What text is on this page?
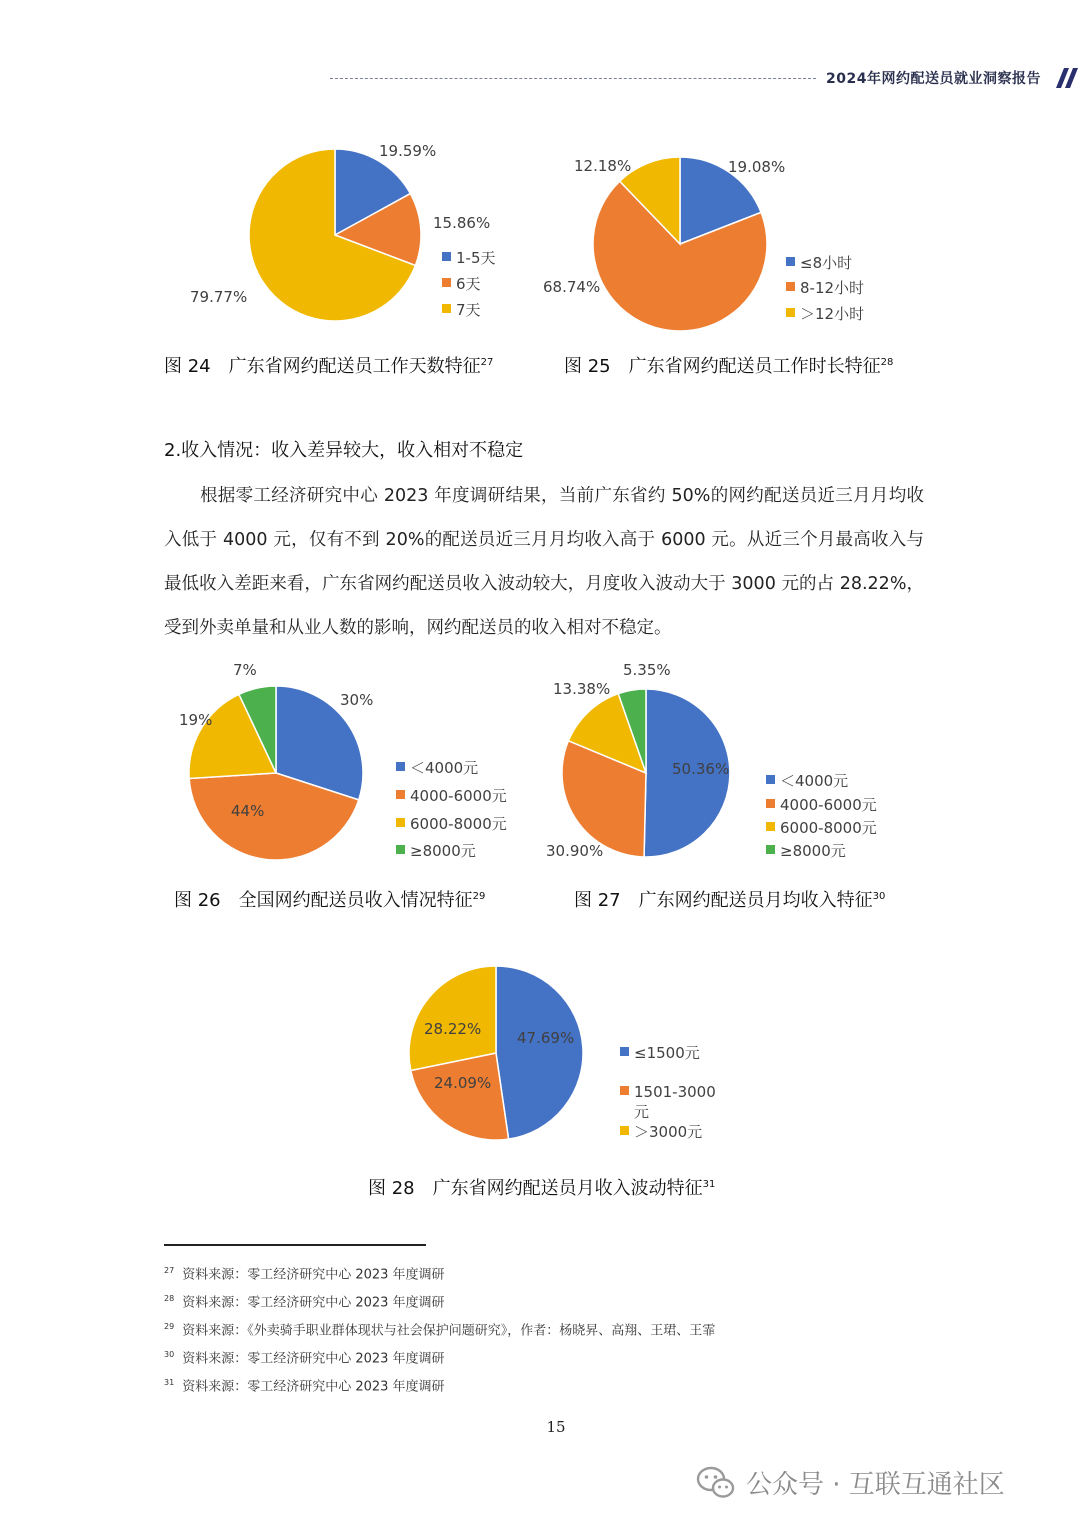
2024年网约配送员就业洞察报告
19.59%
15.86%
79.77%
1-5天
6天
7天
19.08%
68.74%
12.18%
≤8小时
8-12小时
＞12小时
图 24 广东省网约配送员工作天数特征$^{27}$	图 25 广东省网约配送员工作时长特征$^{28}$
2.收入情况：收入差异较大，收入相对不稳定

根据零工经济研究中心 2023 年度调研结果，当前广东省约 50%的网约配送员近三月月均收入低于 4000 元，仅有不到 20%的配送员近三月月均收入高于 6000 元。从近三个月最高收入与最低收入差距来看，广东省网约配送员收入波动较大，月度收入波动大于 3000 元的占 28.22%，受到外卖单量和从业人数的影响，网约配送员的收入相对不稳定。

30%
44%
19%
7%
＜4000元
4000-6000元
6000-8000元
≥8000元
50.36%
30.90%
13.38%
5.35%
＜4000元
4000-6000元
6000-8000元
≥8000元
图 26 全国网约配送员收入情况特征$^{29}$	图 27 广东网约配送员月均收入特征$^{30}$
47.69%
24.09%
28.22%
≤1500元
1501-3000 元
＞3000元
图 28 广东省网约配送员月收入波动特征$^{31}$
$^{27}$ 资料来源：零工经济研究中心 2023 年度调研
$^{28}$ 资料来源：零工经济研究中心 2023 年度调研
$^{29}$ 资料来源：《外卖骑手职业群体现状与社会保护问题研究》，作者：杨晓昇、高翔、王珺、王霏
$^{30}$ 资料来源：零工经济研究中心 2023 年度调研
$^{31}$ 资料来源：零工经济研究中心 2023 年度调研
15
公众号 · 互联互通社区
